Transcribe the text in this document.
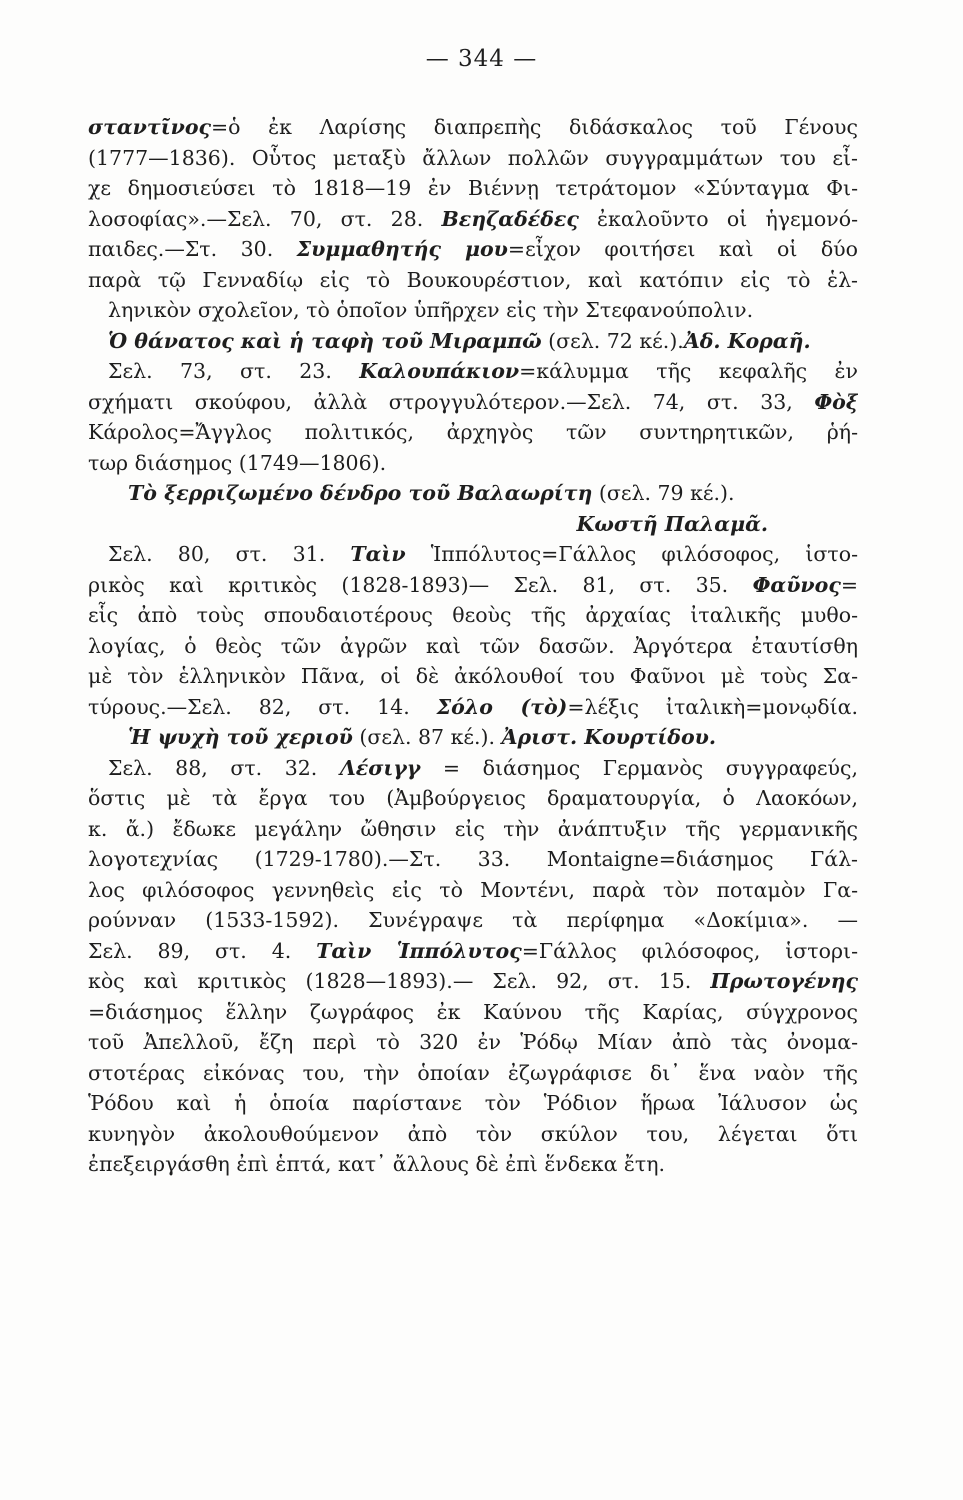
— 344 —
σταντῖνος=ὁ ἐκ Λαρίσης διαπρεπὴς διδάσκαλος τοῦ Γένους
(1777—1836). Οὗτος μεταξὺ ἄλλων πολλῶν συγγραμμάτων του εἶ-
χε δημοσιεύσει τὸ 1818—19 ἐν Βιέννῃ τετράτομον «Σύνταγμα Φι-
λοσοφίας».—Σελ. 70, στ. 28. Βεηζαδέδες ἐκαλοῦντο οἱ ἡγεμονό-
παιδες.—Στ. 30. Συμμαθητής μου=εἶχον φοιτήσει καὶ οἱ δύο
παρὰ τῷ Γενναδίῳ εἰς τὸ Βουκουρέστιον, καὶ κατόπιν εἰς τὸ ἑλ-
ληνικὸν σχολεῖον, τὸ ὁποῖον ὑπῆρχεν εἰς τὴν Στεφανούπολιν.
Ὁ θάνατος καὶ ἡ ταφὴ τοῦ Μιραμπῶ (σελ. 72 κέ.).Ἀδ. Κοραῆ.
Σελ. 73, στ. 23. Καλουπάκιον=κάλυμμα τῆς κεφαλῆς ἐν
σχήματι σκούφου, ἀλλὰ στρογγυλότερον.—Σελ. 74, στ. 33, Φὸξ
Κάρολος=Ἄγγλος πολιτικός, ἀρχηγὸς τῶν συντηρητικῶν, ῥή-
τωρ διάσημος (1749—1806).
Τὸ ξερριζωμένο δένδρο τοῦ Βαλαωρίτη (σελ. 79 κέ.).
Κωστῆ Παλαμᾶ.
Σελ. 80, στ. 31. Ταὶν Ἱππόλυτος=Γάλλος φιλόσοφος, ἱστο-
ρικὸς καὶ κριτικὸς (1828-1893)— Σελ. 81, στ. 35. Φαῦνος=
εἷς ἀπὸ τοὺς σπουδαιοτέρους θεοὺς τῆς ἀρχαίας ἰταλικῆς μυθο-
λογίας, ὁ θεὸς τῶν ἀγρῶν καὶ τῶν δασῶν. Ἀργότερα ἐταυτίσθη
μὲ τὸν ἑλληνικὸν Πᾶνα, οἱ δὲ ἀκόλουθοί του Φαῦνοι μὲ τοὺς Σα-
τύρους.—Σελ. 82, στ. 14. Σόλο (τὸ)=λέξις ἰταλικὴ=μονῳδία.
Ἡ ψυχὴ τοῦ χεριοῦ (σελ. 87 κέ.). Ἀριστ. Κουρτίδου.
Σελ. 88, στ. 32. Λέσιγγ = διάσημος Γερμανὸς συγγραφεύς,
ὅστις μὲ τὰ ἔργα του (Ἀμβούργειος δραματουργία, ὁ Λαοκόων,
κ. ἄ.) ἔδωκε μεγάλην ὤθησιν εἰς τὴν ἀνάπτυξιν τῆς γερμανικῆς
λογοτεχνίας (1729-1780).—Στ. 33. Montaigne=διάσημος Γάλ-
λος φιλόσοφος γεννηθεὶς εἰς τὸ Μοντένι, παρὰ τὸν ποταμὸν Γα-
ρούνναν (1533-1592). Συνέγραψε τὰ περίφημα «Δοκίμια». —
Σελ. 89, στ. 4. Ταὶν Ἱππόλυτος=Γάλλος φιλόσοφος, ἱστορι-
κὸς καὶ κριτικὸς (1828—1893).— Σελ. 92, στ. 15. Πρωτογένης
=διάσημος ἕλλην ζωγράφος ἐκ Καύνου τῆς Καρίας, σύγχρονος
τοῦ Ἀπελλοῦ, ἔζη περὶ τὸ 320 ἐν Ῥόδῳ Μίαν ἀπὸ τὰς ὀνομα-
στοτέρας εἰκόνας του, τὴν ὁποίαν ἐζωγράφισε δι᾽ ἕνα ναὸν τῆς
Ῥόδου καὶ ἡ ὁποία παρίστανε τὸν Ῥόδιον ἥρωα Ἰάλυσον ὡς
κυνηγὸν ἀκολουθούμενον ἀπὸ τὸν σκύλον του, λέγεται ὅτι
ἐπεξειργάσθη ἐπὶ ἑπτά, κατ᾽ ἄλλους δὲ ἐπὶ ἕνδεκα ἔτη.
